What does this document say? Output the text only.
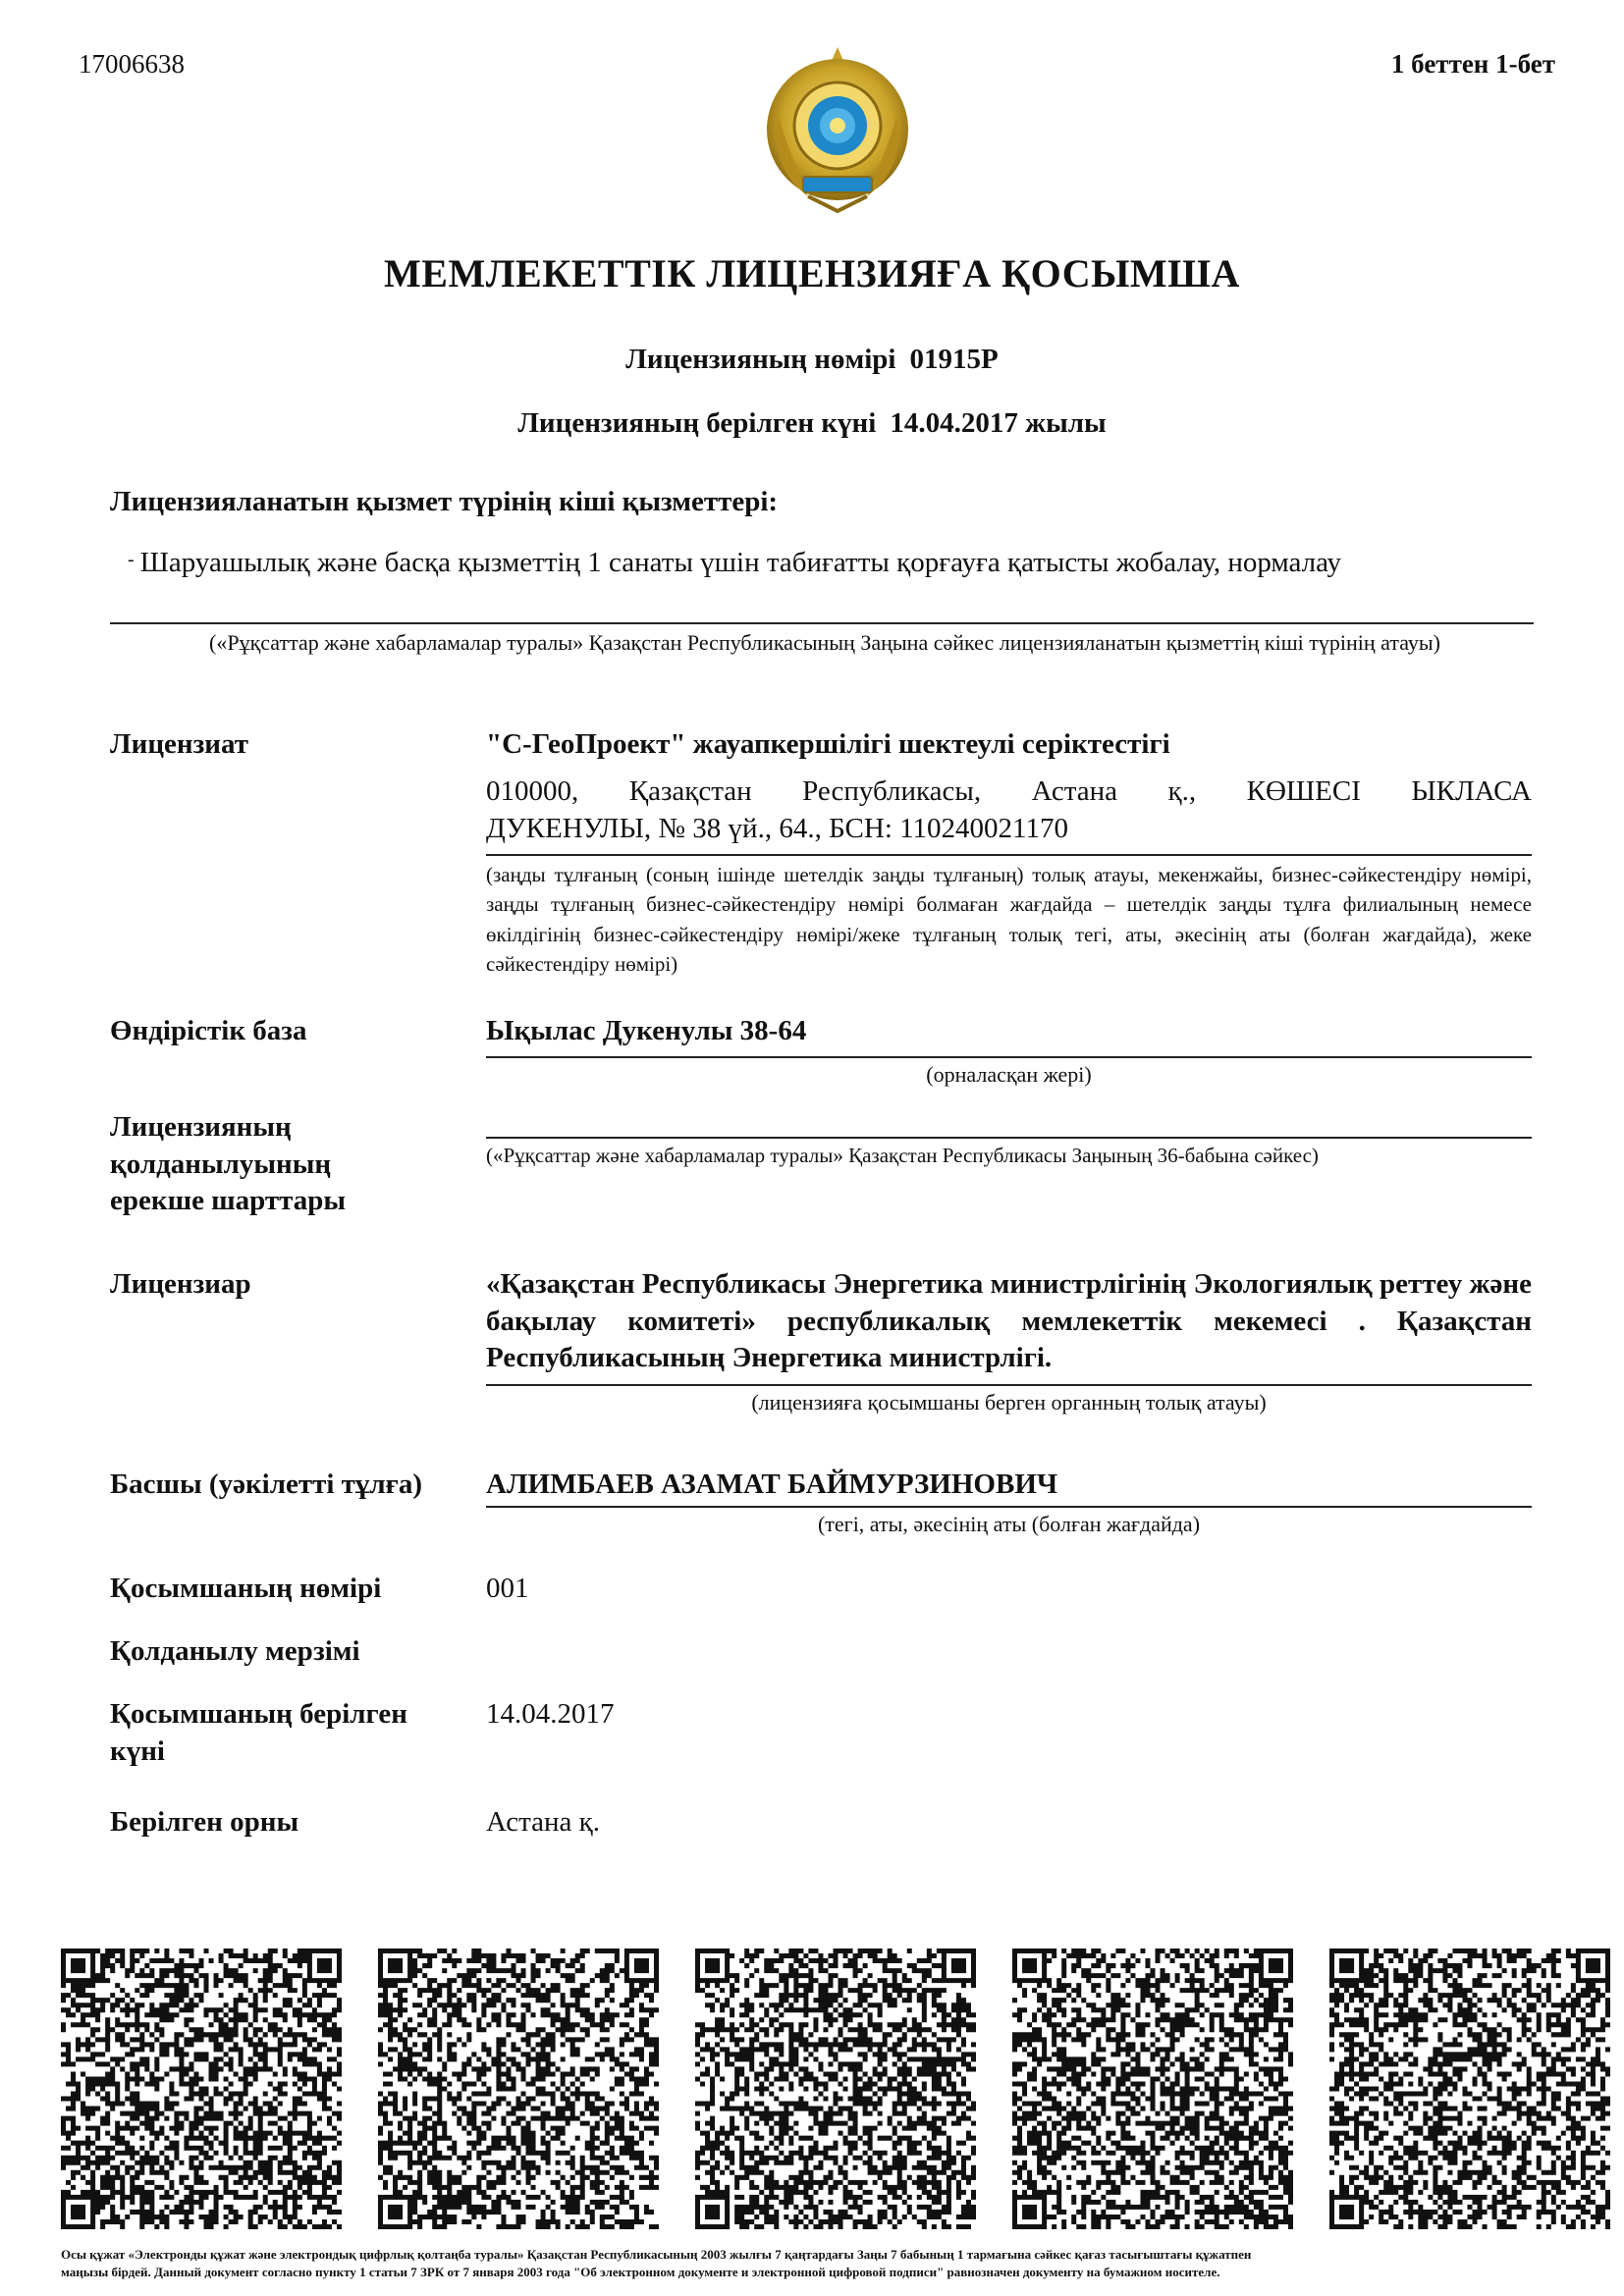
17006638	1 беттен 1-бет
МЕМЛЕКЕТТІК ЛИЦЕНЗИЯҒА ҚОСЫМША
Лицензияның нөмірі 01915P
Лицензияның берілген күні 14.04.2017 жылы
Лицензияланатын қызмет түрінің кіші қызметтері:
- Шаруашылық және басқа қызметтің 1 санаты үшін табиғатты қорғауға қатысты жобалау, нормалау
(«Рұқсаттар және хабарламалар туралы» Қазақстан Республикасының Заңына сәйкес лицензияланатын қызметтің кіші түрінің атауы)
Лицензиат	"С-ГеоПроект" жауапкершілігі шектеулі серіктестігі
010000, Қазақстан Республикасы, Астана қ., КӨШЕСІ ЫКЛАСА
ДУКЕНУЛЫ, № 38 үй., 64., БСН: 110240021170
(заңды тұлғаның (соның ішінде шетелдік заңды тұлғаның) толық атауы, мекенжайы, бизнес-сәйкестендіру нөмірі, заңды тұлғаның бизнес-сәйкестендіру нөмірі болмаған жағдайда – шетелдік заңды тұлға филиалының немесе өкілдігінің бизнес-сәйкестендіру нөмірі/жеке тұлғаның толық тегі, аты, әкесінің аты (болған жағдайда), жеке сәйкестендіру нөмірі)
Өндірістік база	Ықылас Дукенулы 38-64
(орналасқан жері)
Лицензияның
қолданылуының
ерекше шарттары
(«Рұқсаттар және хабарламалар туралы» Қазақстан Республикасы Заңының 36-бабына сәйкес)
Лицензиар	«Қазақстан Республикасы Энергетика министрлігінің Экологиялық реттеу және бақылау комитеті» республикалық мемлекеттік мекемесі . Қазақстан Республикасының Энергетика министрлігі.
(лицензияға қосымшаны берген органның толық атауы)
Басшы (уәкілетті тұлға) АЛИМБАЕВ АЗАМАТ БАЙМУРЗИНОВИЧ
(тегі, аты, әкесінің аты (болған жағдайда)
Қосымшаның нөмірі	001
Қолданылу мерзімі
Қосымшаның берілген
күні
14.04.2017
Берілген орны	Астана қ.
Осы құжат «Электронды құжат және электрондық цифрлық қолтаңба туралы» Қазақстан Республикасының 2003 жылғы 7 қаңтардағы Заңы 7 бабының 1 тармағына сәйкес қағаз тасығыштағы құжатпен
маңызы бірдей. Данный документ согласно пункту 1 статьи 7 ЗРК от 7 января 2003 года "Об электронном документе и электронной цифровой подписи" равнозначен документу на бумажном носителе.
